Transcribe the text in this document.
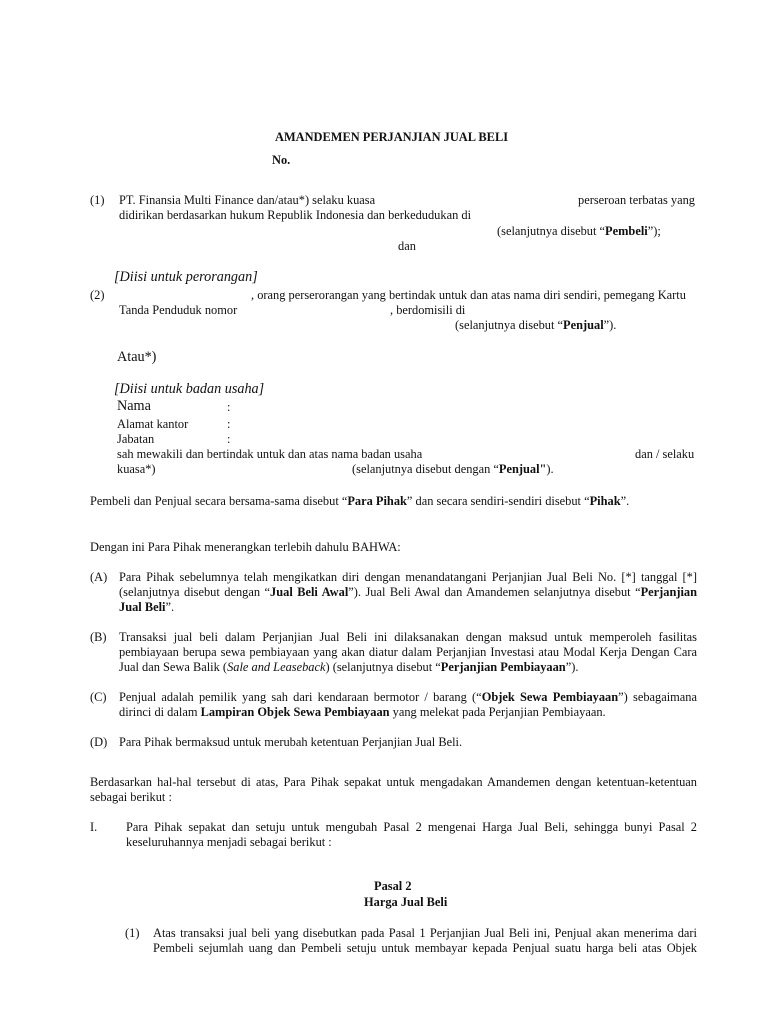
AMANDEMEN PERJANJIAN JUAL BELI

No.

(1) PT. Finansia Multi Finance dan/atau*) selaku kuasa	perseroan terbatas yang

didirikan berdasarkan hukum Republik Indonesia dan berkedudukan di

(selanjutnya disebut “Pembeli”);

dan

[Diisi untuk perorangan]

(2)	, orang perserorangan yang bertindak untuk dan atas nama diri sendiri, pemegang Kartu

Tanda Penduduk nomor	, berdomisili di

(selanjutnya disebut “Penjual”).

Atau*)

[Diisi untuk badan usaha]

Nama	:

Alamat kantor	:

Jabatan	:

sah mewakili dan bertindak untuk dan atas nama badan usaha	dan / selaku

kuasa*)	(selanjutnya disebut dengan “Penjual").

Pembeli dan Penjual secara bersama-sama disebut “Para Pihak” dan secara sendiri-sendiri disebut “Pihak”.

Dengan ini Para Pihak menerangkan terlebih dahulu BAHWA:

(A) Para Pihak sebelumnya telah mengikatkan diri dengan menandatangani Perjanjian Jual Beli No. [*] tanggal [*]

(selanjutnya disebut dengan “Jual Beli Awal”). Jual Beli Awal dan Amandemen selanjutnya disebut “Perjanjian

Jual Beli”.

(B) Transaksi jual beli dalam Perjanjian Jual Beli ini dilaksanakan dengan maksud untuk memperoleh fasilitas

pembiayaan berupa sewa pembiayaan yang akan diatur dalam Perjanjian Investasi atau Modal Kerja Dengan Cara

Jual dan Sewa Balik (Sale and Leaseback) (selanjutnya disebut “Perjanjian Pembiayaan”).

(C) Penjual adalah pemilik yang sah dari kendaraan bermotor / barang (“Objek Sewa Pembiayaan”) sebagaimana

dirinci di dalam Lampiran Objek Sewa Pembiayaan yang melekat pada Perjanjian Pembiayaan.

(D) Para Pihak bermaksud untuk merubah ketentuan Perjanjian Jual Beli.

Berdasarkan hal-hal tersebut di atas, Para Pihak sepakat untuk mengadakan Amandemen dengan ketentuan-ketentuan

sebagai berikut :

I. Para Pihak sepakat dan setuju untuk mengubah Pasal 2 mengenai Harga Jual Beli, sehingga bunyi Pasal 2

keseluruhannya menjadi sebagai berikut :

Pasal 2

Harga Jual Beli

(1) Atas transaksi jual beli yang disebutkan pada Pasal 1 Perjanjian Jual Beli ini, Penjual akan menerima dari

Pembeli sejumlah uang dan Pembeli setuju untuk membayar kepada Penjual suatu harga beli atas Objek
